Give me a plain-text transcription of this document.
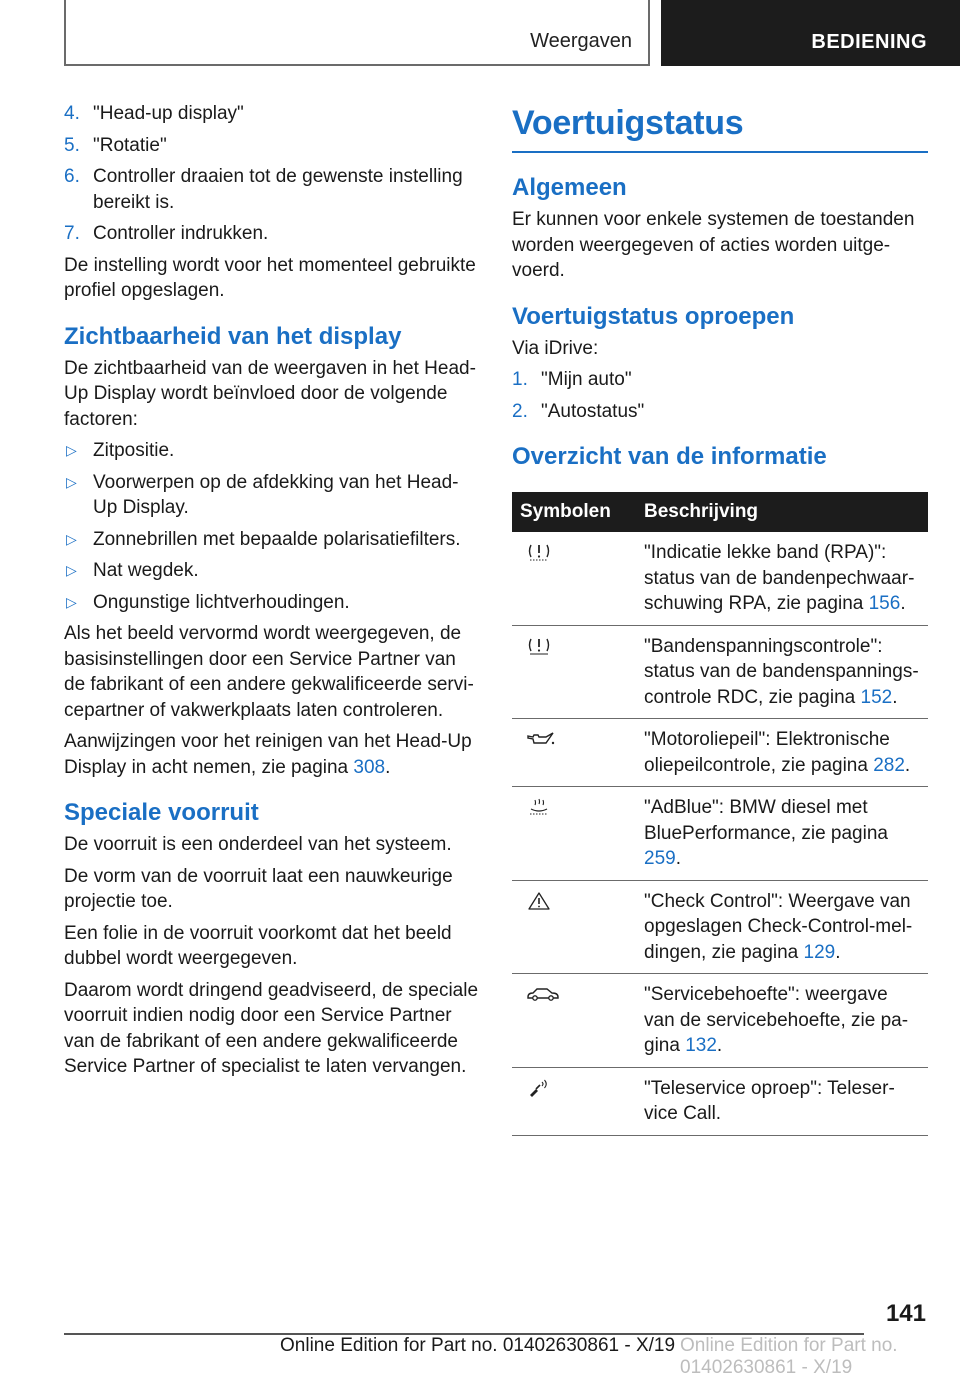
Weergaven	BEDIENING
4. "Head-up display"
5. "Rotatie"
6. Controller draaien tot de gewenste instelling bereikt is.
7. Controller indrukken.

De instelling wordt voor het momenteel gebruikte profiel opgeslagen.

Zichtbaarheid van het display

De zichtbaarheid van de weergaven in het Head-Up Display wordt beïnvloed door de volgende factoren:

▷ Zitpositie.
▷ Voorwerpen op de afdekking van het Head-Up Display.
▷ Zonnebrillen met bepaalde polarisatiefilters.
▷ Nat wegdek.
▷ Ongunstige lichtverhoudingen.

Als het beeld vervormd wordt weergegeven, de basisinstellingen door een Service Partner van de fabrikant of een andere gekwalificeerde servicepartner of vakwerkplaats laten controleren.

Aanwijzingen voor het reinigen van het Head-Up Display in acht nemen, zie pagina 308.

Speciale voorruit

De voorruit is een onderdeel van het systeem.

De vorm van de voorruit laat een nauwkeurige projectie toe.

Een folie in de voorruit voorkomt dat het beeld dubbel wordt weergegeven.

Daarom wordt dringend geadviseerd, de speciale voorruit indien nodig door een Service Partner van de fabrikant of een andere gekwalificeerde Service Partner of specialist te laten vervangen.

Voertuigstatus
Algemeen

Er kunnen voor enkele systemen de toestanden worden weergegeven of acties worden uitgevoerd.

Voertuigstatus oproepen

Via iDrive:

1. "Mijn auto"
2. "Autostatus"
Overzicht van de informatie
Symbolen	Beschrijving
	"Indicatie lekke band (RPA)": status van de bandenpechwaarschuwing RPA, zie pagina 156.
	"Bandenspanningscontrole": status van de bandenspanningscontrole RDC, zie pagina 152.
	"Motoroliepeil": Elektronische oliepeilcontrole, zie pagina 282.
	"AdBlue": BMW diesel met BluePerformance, zie pagina 259.
	"Check Control": Weergave van opgeslagen Check-Control-meldingen, zie pagina 129.
	"Servicebehoefte": weergave van de servicebehoefte, zie pagina 132.
	"Teleservice oproep": Teleservice Call.
141
Online Edition for Part no. 01402630861 - X/19 Online Edition for Part no. 01402630861 - X/19
